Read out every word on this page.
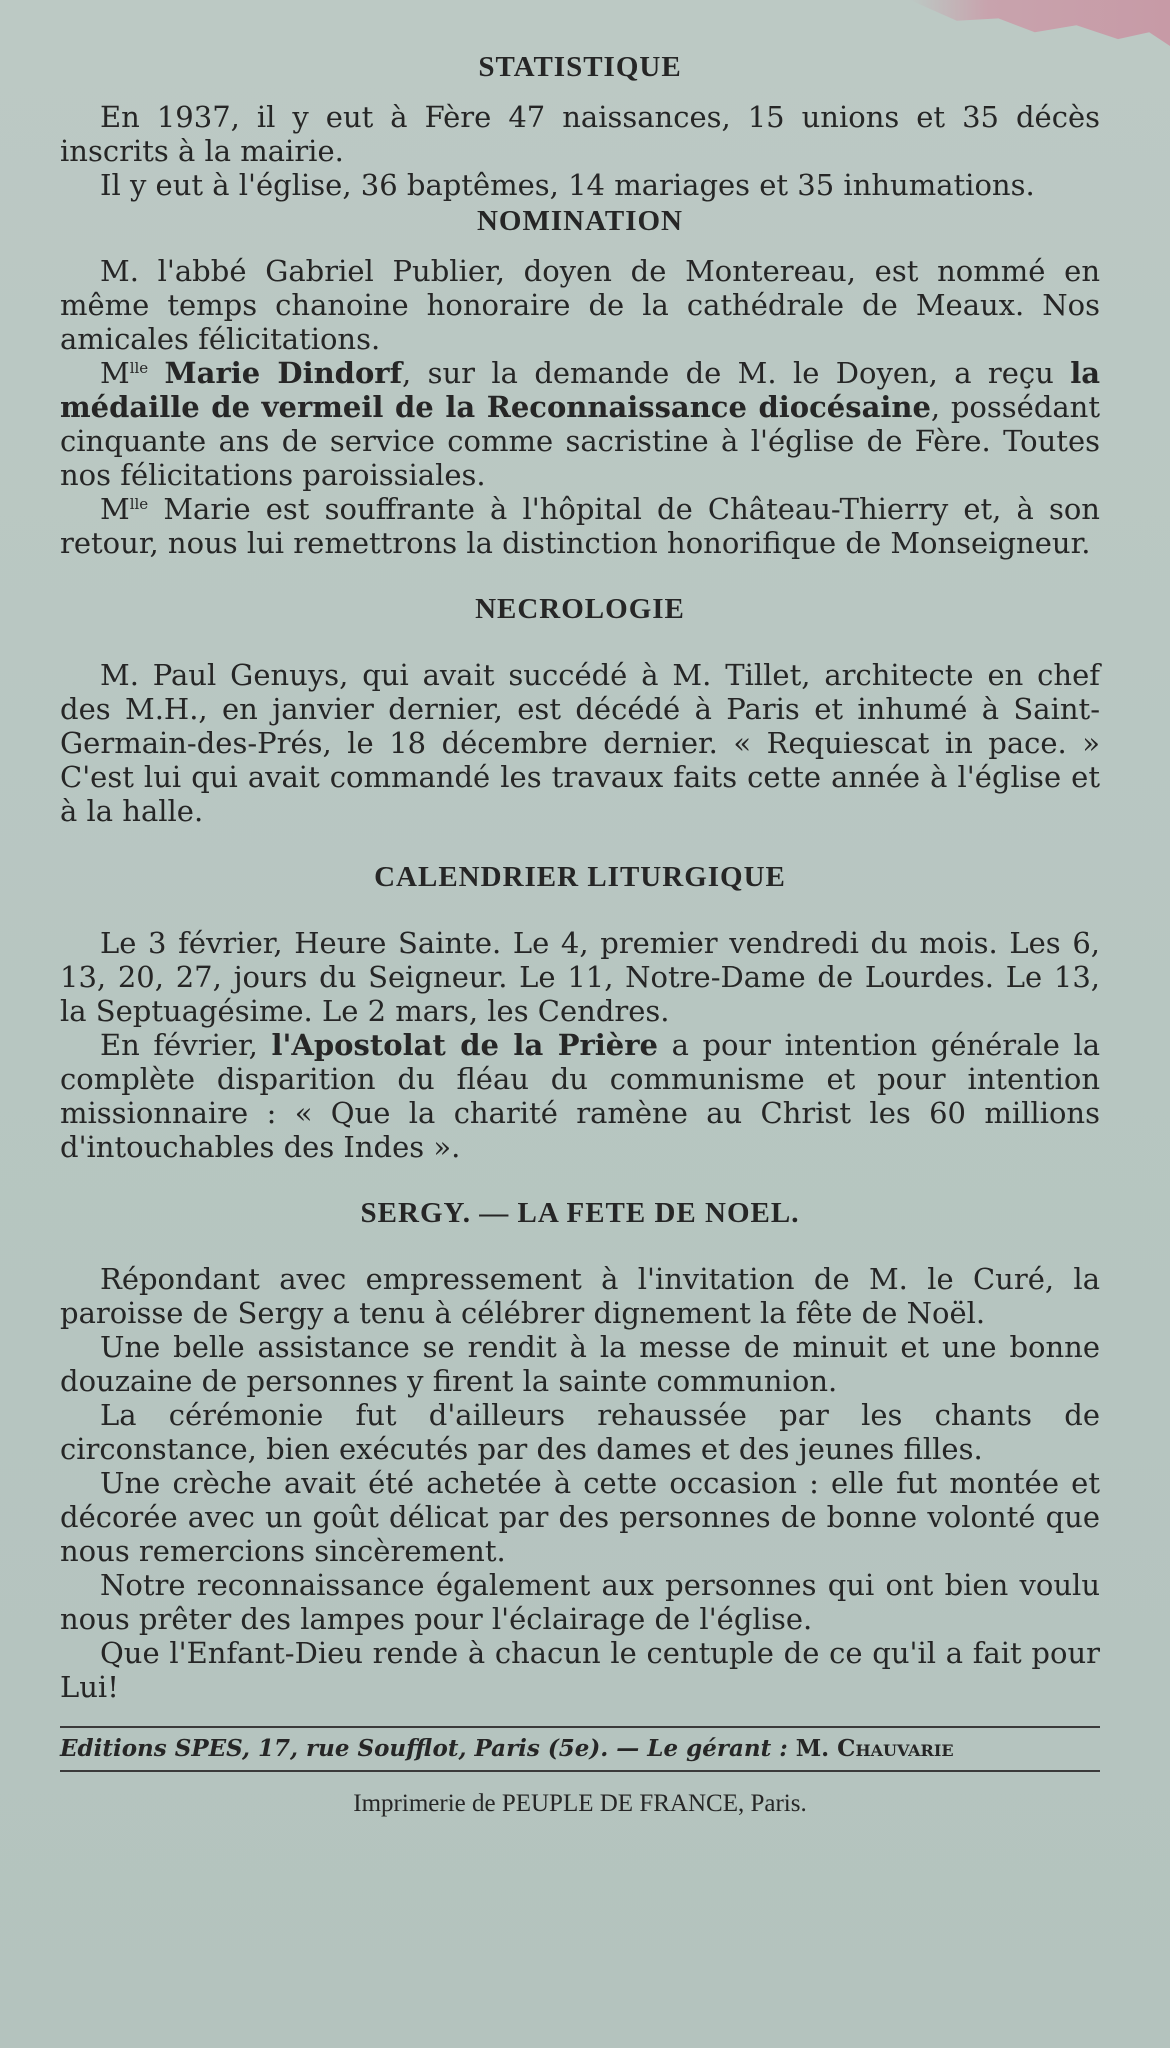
STATISTIQUE

En 1937, il y eut à Fère 47 naissances, 15 unions et 35 décès inscrits à la mairie.

Il y eut à l'église, 36 baptêmes, 14 mariages et 35 inhumations.

NOMINATION

M. l'abbé Gabriel Publier, doyen de Montereau, est nommé en même temps chanoine honoraire de la cathédrale de Meaux. Nos amicales félicitations.

$M^{lle}$ Marie Dindorf, sur la demande de M. le Doyen, a reçu la médaille de vermeil de la Reconnaissance diocésaine, possédant cinquante ans de service comme sacristine à l'église de Fère. Toutes nos félicitations paroissiales.

$M^{lle}$ Marie est souffrante à l'hôpital de Château-Thierry et, à son retour, nous lui remettrons la distinction honorifique de Monseigneur.

NECROLOGIE

M. Paul Genuys, qui avait succédé à M. Tillet, architecte en chef des M.H., en janvier dernier, est décédé à Paris et inhumé à Saint-Germain-des-Prés, le 18 décembre dernier. « Requiescat in pace. » C'est lui qui avait commandé les travaux faits cette année à l'église et à la halle.

CALENDRIER LITURGIQUE

Le 3 février, Heure Sainte. Le 4, premier vendredi du mois. Les 6, 13, 20, 27, jours du Seigneur. Le 11, Notre-Dame de Lourdes. Le 13, la Septuagésime. Le 2 mars, les Cendres.

En février, l'Apostolat de la Prière a pour intention générale la complète disparition du fléau du communisme et pour intention missionnaire : « Que la charité ramène au Christ les 60 millions d'intouchables des Indes ».

SERGY. — LA FETE DE NOEL.

Répondant avec empressement à l'invitation de M. le Curé, la paroisse de Sergy a tenu à célébrer dignement la fête de Noël.

Une belle assistance se rendit à la messe de minuit et une bonne douzaine de personnes y firent la sainte communion.

La cérémonie fut d'ailleurs rehaussée par les chants de circonstance, bien exécutés par des dames et des jeunes filles.

Une crèche avait été achetée à cette occasion : elle fut montée et décorée avec un goût délicat par des personnes de bonne volonté que nous remercions sincèrement.

Notre reconnaissance également aux personnes qui ont bien voulu nous prêter des lampes pour l'éclairage de l'église.

Que l'Enfant-Dieu rende à chacun le centuple de ce qu'il a fait pour Lui!

Editions SPES, 17, rue Soufflot, Paris (5e). — Le gérant : M. Chauvarie
Imprimerie de PEUPLE DE FRANCE, Paris.
